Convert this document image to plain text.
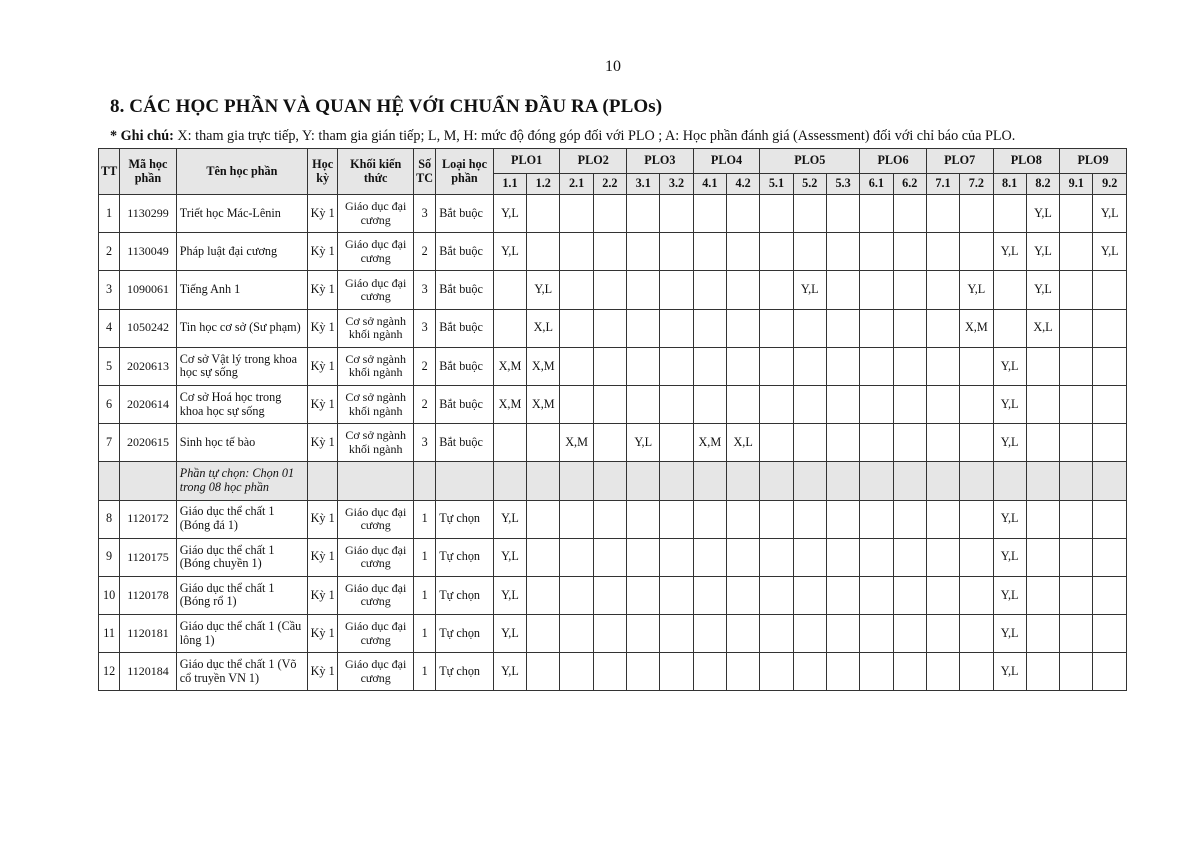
10
8. CÁC HỌC PHẦN VÀ QUAN HỆ VỚI CHUẨN ĐẦU RA (PLOs)
* Ghi chú: X: tham gia trực tiếp, Y: tham gia gián tiếp; L, M, H: mức độ đóng góp đối với PLO ; A: Học phần đánh giá (Assessment) đối với chỉ báo của PLO.
TT	Mã học phần	Tên học phần	Học kỳ	Khối kiến thức	Số TC	Loại học phần	PLO1		PLO2		PLO3		PLO4		PLO5			PLO6		PLO7		PLO8		PLO9	
							1.1	1.2	2.1	2.2	3.1	3.2	4.1	4.2	5.1	5.2	5.3	6.1	6.2	7.1	7.2	8.1	8.2	9.1	9.2
1	1130299	Triết học Mác-Lênin	Kỳ 1	Giáo dục đại cương	3	Bắt buộc	Y,L																Y,L		Y,L
2	1130049	Pháp luật đại cương	Kỳ 1	Giáo dục đại cương	2	Bắt buộc	Y,L															Y,L	Y,L		Y,L
3	1090061	Tiếng Anh 1	Kỳ 1	Giáo dục đại cương	3	Bắt buộc		Y,L								Y,L					Y,L		Y,L		
4	1050242	Tin học cơ sở (Sư phạm)	Kỳ 1	Cơ sở ngành khối ngành	3	Bắt buộc		X,L													X,M		X,L		
5	2020613	Cơ sở Vật lý trong khoa học sự sống	Kỳ 1	Cơ sở ngành khối ngành	2	Bắt buộc	X,M	X,M														Y,L			
6	2020614	Cơ sở Hoá học trong khoa học sự sống	Kỳ 1	Cơ sở ngành khối ngành	2	Bắt buộc	X,M	X,M														Y,L			
7	2020615	Sinh học tế bào	Kỳ 1	Cơ sở ngành khối ngành	3	Bắt buộc			X,M		Y,L		X,M	X,L								Y,L			
		Phần tự chọn: Chọn 01 trong 08 học phần																							
8	1120172	Giáo dục thể chất 1 (Bóng đá 1)	Kỳ 1	Giáo dục đại cương	1	Tự chọn	Y,L															Y,L			
9	1120175	Giáo dục thể chất 1 (Bóng chuyền 1)	Kỳ 1	Giáo dục đại cương	1	Tự chọn	Y,L															Y,L			
10	1120178	Giáo dục thể chất 1 (Bóng rổ 1)	Kỳ 1	Giáo dục đại cương	1	Tự chọn	Y,L															Y,L			
11	1120181	Giáo dục thể chất 1 (Cầu lông 1)	Kỳ 1	Giáo dục đại cương	1	Tự chọn	Y,L															Y,L			
12	1120184	Giáo dục thể chất 1 (Võ cổ truyền VN 1)	Kỳ 1	Giáo dục đại cương	1	Tự chọn	Y,L															Y,L			
